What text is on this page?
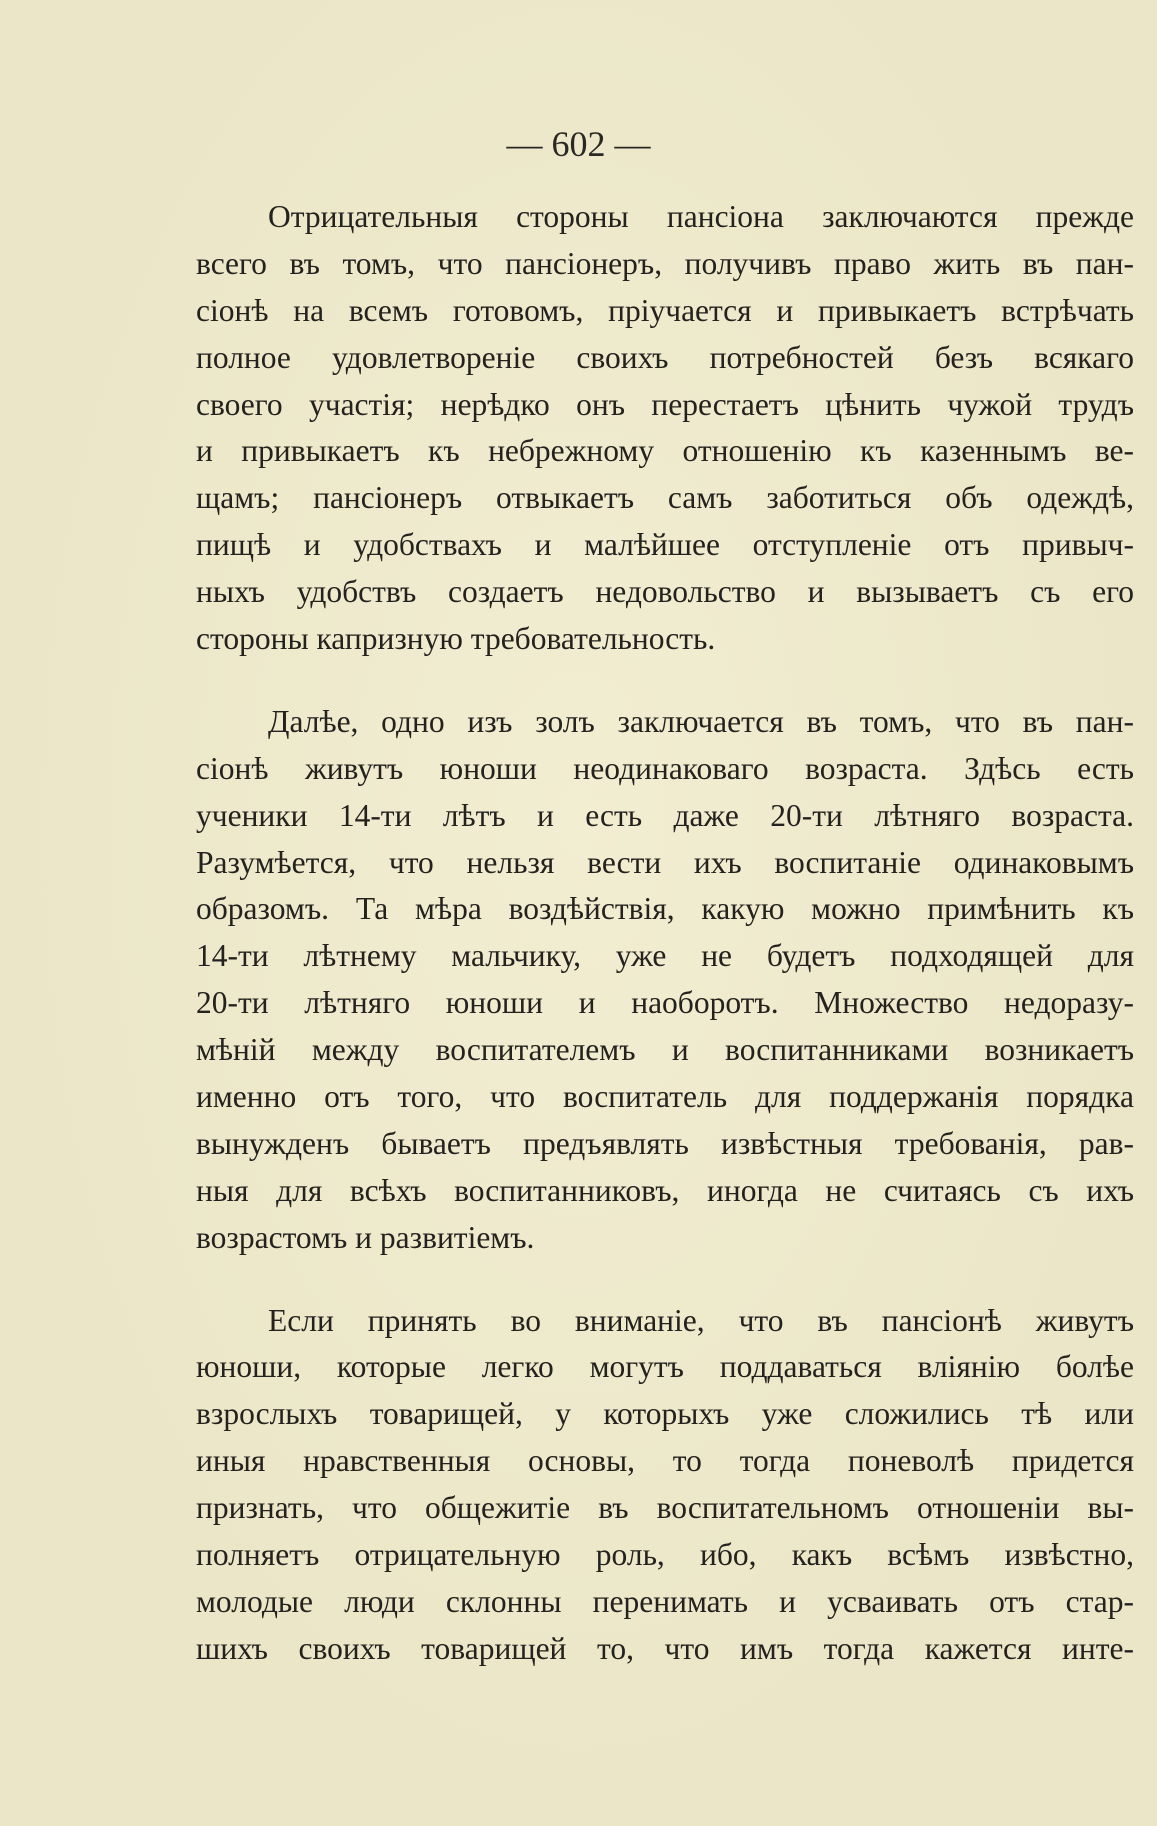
— 602 —
Отрицательныя стороны пансіона заключаются прежде
всего въ томъ, что пансіонеръ, получивъ право жить въ пан-
сіонѣ на всемъ готовомъ, пріучается и привыкаетъ встрѣчать
полное удовлетвореніе своихъ потребностей безъ всякаго
своего участія; нерѣдко онъ перестаетъ цѣнить чужой трудъ
и привыкаетъ къ небрежному отношенію къ казеннымъ ве-
щамъ; пансіонеръ отвыкаетъ самъ заботиться объ одеждѣ,
пищѣ и удобствахъ и малѣйшее отступленіе отъ привыч-
ныхъ удобствъ создаетъ недовольство и вызываетъ съ его
стороны капризную требовательность.
Далѣе, одно изъ золъ заключается въ томъ, что въ пан-
сіонѣ живутъ юноши неодинаковаго возраста. Здѣсь есть
ученики 14-ти лѣтъ и есть даже 20-ти лѣтняго возраста.
Разумѣется, что нельзя вести ихъ воспитаніе одинаковымъ
образомъ. Та мѣра воздѣйствія, какую можно примѣнить къ
14-ти лѣтнему мальчику, уже не будетъ подходящей для
20-ти лѣтняго юноши и наоборотъ. Множество недоразу-
мѣній между воспитателемъ и воспитанниками возникаетъ
именно отъ того, что воспитатель для поддержанія порядка
вынужденъ бываетъ предъявлять извѣстныя требованія, рав-
ныя для всѣхъ воспитанниковъ, иногда не считаясь съ ихъ
возрастомъ и развитіемъ.
Если принять во вниманіе, что въ пансіонѣ живутъ
юноши, которые легко могутъ поддаваться вліянію болѣе
взрослыхъ товарищей, у которыхъ уже сложились тѣ или
иныя нравственныя основы, то тогда поневолѣ придется
признать, что общежитіе въ воспитательномъ отношеніи вы-
полняетъ отрицательную роль, ибо, какъ всѣмъ извѣстно,
молодые люди склонны перенимать и усваивать отъ стар-
шихъ своихъ товарищей то, что имъ тогда кажется инте-
